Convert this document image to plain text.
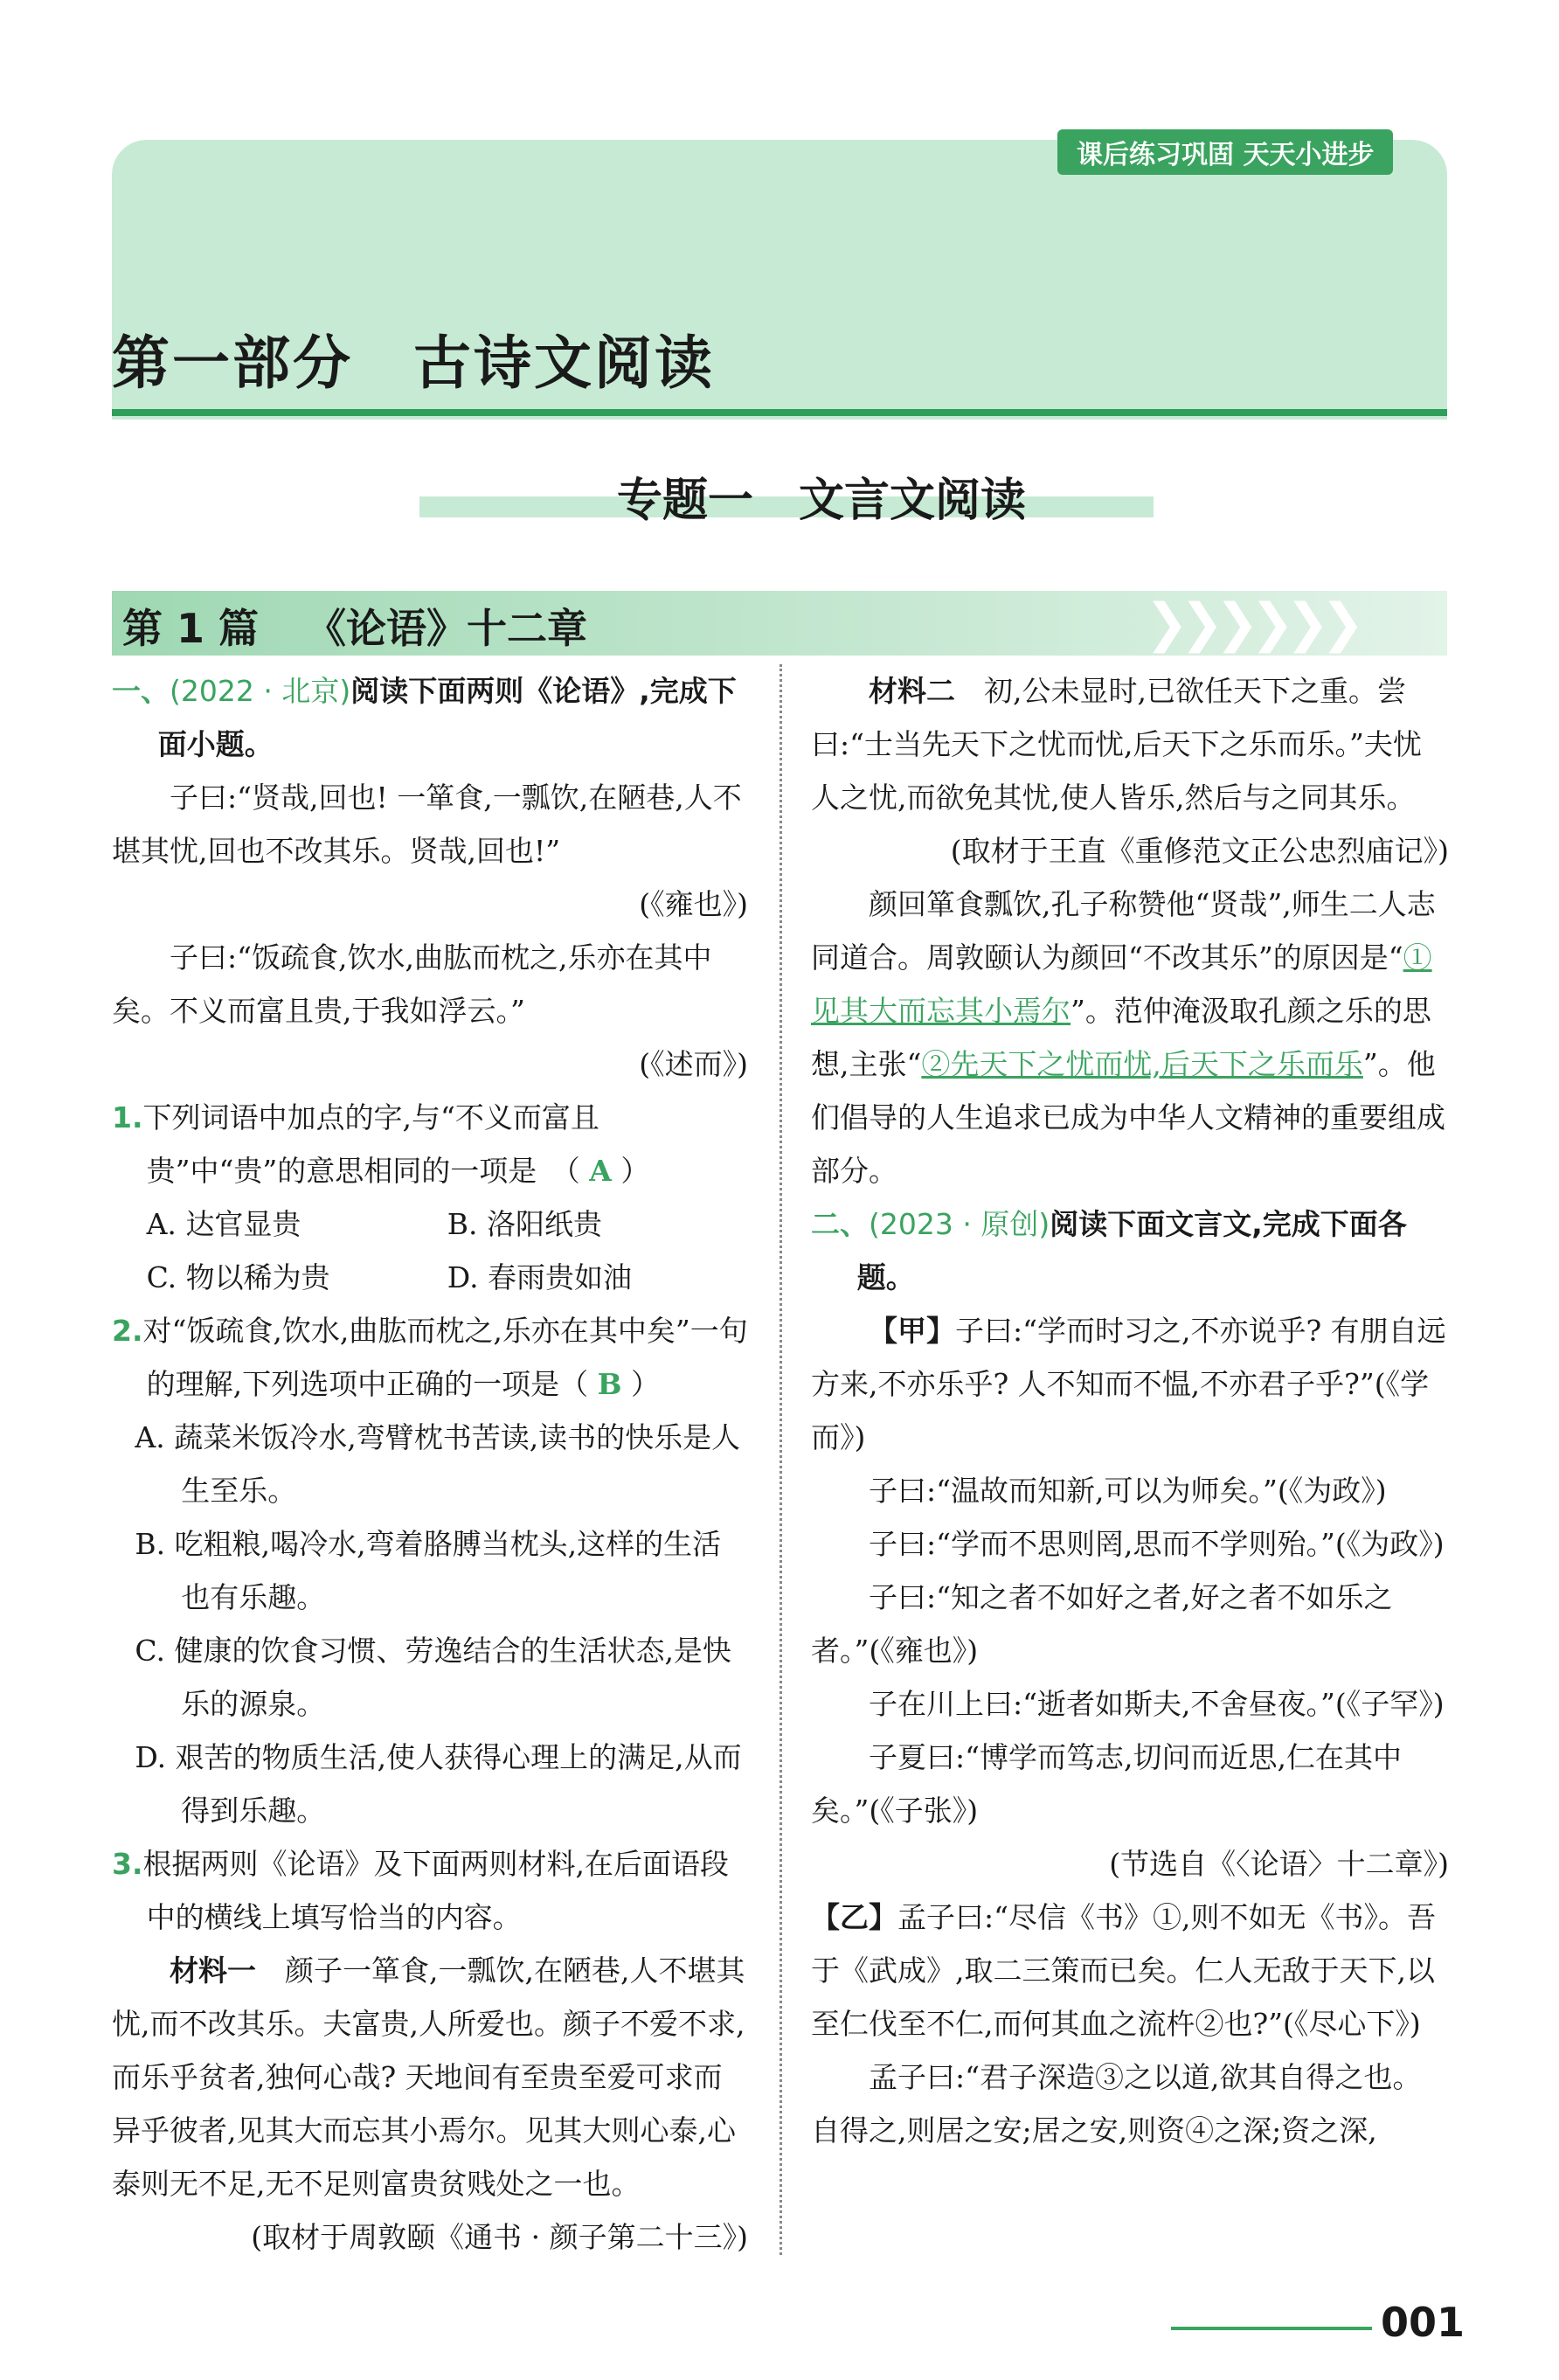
课后练习巩固 天天小进步
第一部分　古诗文阅读
专题一　文言文阅读
第 1 篇 《论语》十二章	❯❯❯❯❯❯

一、(2022 · 北京)阅读下面两则《论语》,完成下面小题。

子曰:“贤哉,回也! 一箪食,一瓢饮,在陋巷,人不堪其忧,回也不改其乐。贤哉,回也!”

(《雍也》)

子曰:“饭疏食,饮水,曲肱而枕之,乐亦在其中矣。不义而富且贵,于我如浮云。”

(《述而》)

1.下列词语中加点的字,与“不义而富且贵”中“贵”的意思相同的一项是　（ A ）

A. 达官显贵	B. 洛阳纸贵
C. 物以稀为贵	D. 春雨贵如油

2.对“饭疏食,饮水,曲肱而枕之,乐亦在其中矣”一句的理解,下列选项中正确的一项是（ B ）

A. 蔬菜米饭冷水,弯臂枕书苦读,读书的快乐是人生至乐。

B. 吃粗粮,喝冷水,弯着胳膊当枕头,这样的生活也有乐趣。

C. 健康的饮食习惯、劳逸结合的生活状态,是快乐的源泉。

D. 艰苦的物质生活,使人获得心理上的满足,从而得到乐趣。

3.根据两则《论语》及下面两则材料,在后面语段中的横线上填写恰当的内容。

材料一　 颜子一箪食,一瓢饮,在陋巷,人不堪其忧,而不改其乐。夫富贵,人所爱也。颜子不爱不求,而乐乎贫者,独何心哉? 天地间有至贵至爱可求而异乎彼者,见其大而忘其小焉尔。见其大则心泰,心泰则无不足,无不足则富贵贫贱处之一也。

(取材于周敦颐《通书 · 颜子第二十三》)

材料二　 初,公未显时,已欲任天下之重。尝曰:“士当先天下之忧而忧,后天下之乐而乐。”夫忧人之忧,而欲免其忧,使人皆乐,然后与之同其乐。

(取材于王直《重修范文正公忠烈庙记》)

颜回箪食瓢饮,孔子称赞他“贤哉”,师生二人志同道合。周敦颐认为颜回“不改其乐”的原因是“①见其大而忘其小焉尔”。范仲淹汲取孔颜之乐的思想,主张“②先天下之忧而忧,后天下之乐而乐”。他们倡导的人生追求已成为中华人文精神的重要组成部分。

二、(2023 · 原创)阅读下面文言文,完成下面各题。

【甲】子曰:“学而时习之,不亦说乎? 有朋自远方来,不亦乐乎? 人不知而不愠,不亦君子乎?”(《学而》)

子曰:“温故而知新,可以为师矣。”(《为政》)

子曰:“学而不思则罔,思而不学则殆。”(《为政》)

子曰:“知之者不如好之者,好之者不如乐之者。”(《雍也》)

子在川上曰:“逝者如斯夫,不舍昼夜。”(《子罕》)

子夏曰:“博学而笃志,切问而近思,仁在其中矣。”(《子张》)

(节选自《〈论语〉十二章》)

【乙】孟子曰:“尽信《书》①,则不如无《书》。吾于《武成》,取二三策而已矣。仁人无敌于天下,以至仁伐至不仁,而何其血之流杵②也?”(《尽心下》)

孟子曰:“君子深造③之以道,欲其自得之也。自得之,则居之安;居之安,则资④之深;资之深,

001
